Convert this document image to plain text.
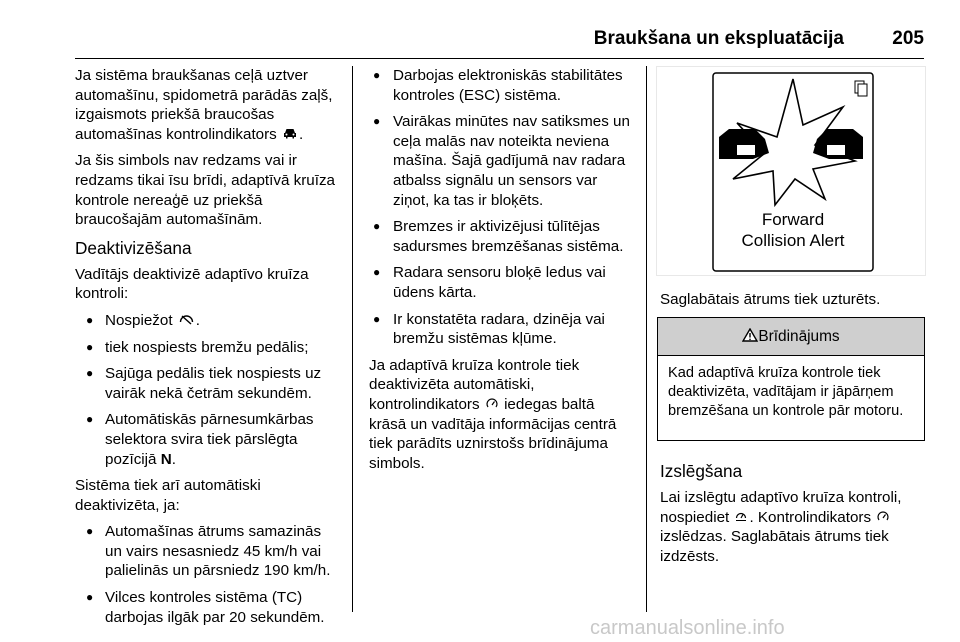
Braukšana un ekspluatācija	205

Ja sistēma braukšanas ceļā uztver automašīnu, spidometrā parādās zaļš, izgaismots priekšā braucošas automašīnas kontrolindikators .

Ja šis simbols nav redzams vai ir redzams tikai īsu brīdi, adaptīvā kruīza kontrole nereaģē uz priekšā braucošajām automašīnām.

Deaktivizēšana

Vadītājs deaktivizē adaptīvo kruīza kontroli:

● Nospiežot .
● tiek nospiests bremžu pedālis;
● Sajūga pedālis tiek nospiests uz vairāk nekā četrām sekundēm.
● Automātiskās pārnesumkārbas selektora svira tiek pārslēgta pozīcijā N.

Sistēma tiek arī automātiski deaktivizēta, ja:

● Automašīnas ātrums samazinās un vairs nesasniedz 45 km/h vai palielinās un pārsniedz 190 km/h.
● Vilces kontroles sistēma (TC) darbojas ilgāk par 20 sekundēm.
● Darbojas elektroniskās stabilitātes kontroles (ESC) sistēma.
● Vairākas minūtes nav satiksmes un ceļa malās nav noteikta neviena mašīna. Šajā gadījumā nav radara atbalss signālu un sensors var ziņot, ka tas ir bloķēts.
● Bremzes ir aktivizējusi tūlītējas sadursmes bremzēšanas sistēma.
● Radara sensoru bloķē ledus vai ūdens kārta.
● Ir konstatēta radara, dzinēja vai bremžu sistēmas kļūme.

Ja adaptīvā kruīza kontrole tiek deaktivizēta automātiski, kontrolindikators iedegas baltā krāsā un vadītāja informācijas centrā tiek parādīts uznirstošs brīdinājuma simbols.

Forward
Collision Alert

Saglabātais ātrums tiek uzturēts.

Brīdinājums
Kad adaptīvā kruīza kontrole tiek deaktivizēta, vadītājam ir jāpārņem bremzēšana un kontrole pār motoru.
Izslēgšana

Lai izslēgtu adaptīvo kruīza kontroli, nospiediet . Kontrolindikators  izslēdzas. Saglabātais ātrums tiek izdzēsts.

carmanualsonline.info
